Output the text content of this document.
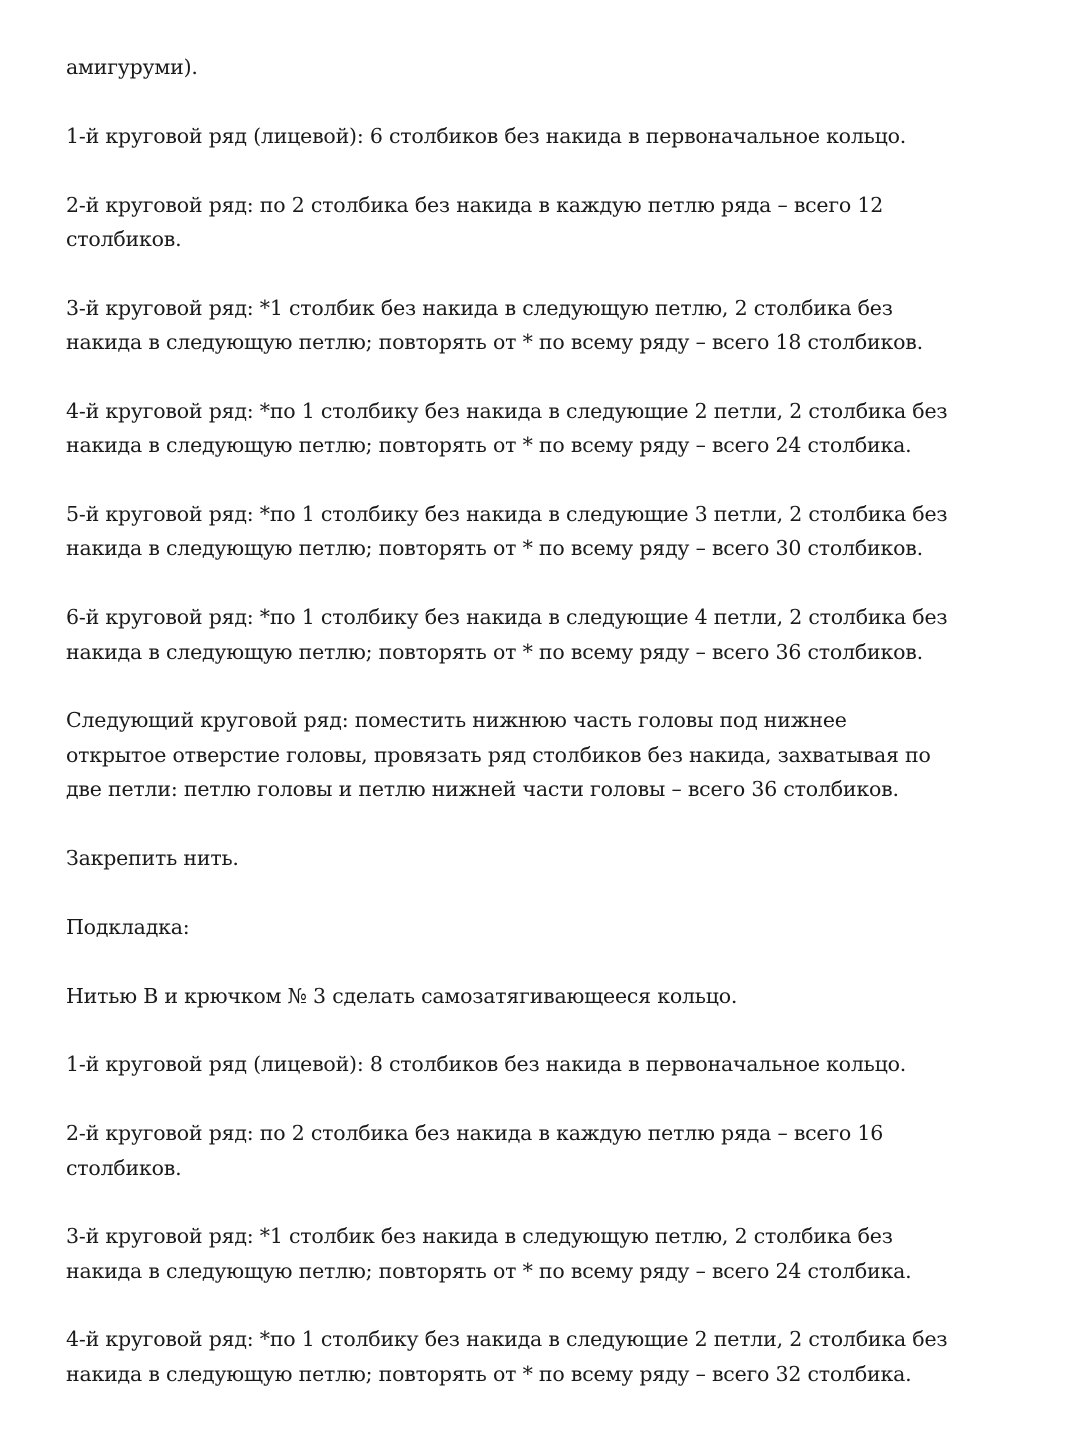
амигуруми).
1-й круговой ряд (лицевой): 6 столбиков без накида в первоначальное кольцо.
2-й круговой ряд: по 2 столбика без накида в каждую петлю ряда – всего 12
столбиков.
3-й круговой ряд: *1 столбик без накида в следующую петлю, 2 столбика без
накида в следующую петлю; повторять от * по всему ряду – всего 18 столбиков.
4-й круговой ряд: *по 1 столбику без накида в следующие 2 петли, 2 столбика без
накида в следующую петлю; повторять от * по всему ряду – всего 24 столбика.
5-й круговой ряд: *по 1 столбику без накида в следующие 3 петли, 2 столбика без
накида в следующую петлю; повторять от * по всему ряду – всего 30 столбиков.
6-й круговой ряд: *по 1 столбику без накида в следующие 4 петли, 2 столбика без
накида в следующую петлю; повторять от * по всему ряду – всего 36 столбиков.
Следующий круговой ряд: поместить нижнюю часть головы под нижнее
открытое отверстие головы, провязать ряд столбиков без накида, захватывая по
две петли: петлю головы и петлю нижней части головы – всего 36 столбиков.
Закрепить нить.
Подкладка:
Нитью B и крючком № 3 сделать самозатягивающееся кольцо.
1-й круговой ряд (лицевой): 8 столбиков без накида в первоначальное кольцо.
2-й круговой ряд: по 2 столбика без накида в каждую петлю ряда – всего 16
столбиков.
3-й круговой ряд: *1 столбик без накида в следующую петлю, 2 столбика без
накида в следующую петлю; повторять от * по всему ряду – всего 24 столбика.
4-й круговой ряд: *по 1 столбику без накида в следующие 2 петли, 2 столбика без
накида в следующую петлю; повторять от * по всему ряду – всего 32 столбика.
